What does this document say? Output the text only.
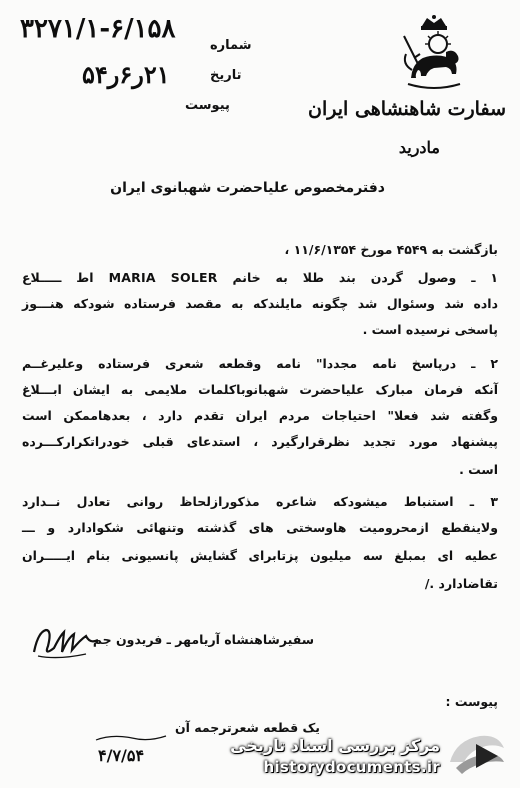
۳۲۷۱/۱-۶/۱۵۸
شماره
۲۱ر۶ر۵۴	تاریخ
پیوست	سفارت شاهنشاهی ایران
مادرید
دفترمخصوص علیاحضرت شهبانوی ایران
بازگشت به ۴۵۴۹ مورخ ۱۱/۶/۱۳۵۴ ،
۱ ـ وصول گردن بند طلا به خانم MARIA SOLER اط ـــــلاع
داده شد وسئوال شد چگونه مایلندکه به مقصد فرستاده شودکه هنـــوز
پاسخی نرسیده است .
۲ ـ درپاسخ نامه مجددا" نامه وقطعه شعری فرستاده وعلیرغــم
آنکه فرمان مبارک علیاحضرت شهبانوباکلمات ملایمی به ایشان ابـــلاغ
وگفته شد فعلا" احتیاجات مردم ایران تقدم دارد ، بعدهاممکن است
پیشنهاد مورد تجدید نظرقرارگیرد ، استدعای قبلی خودراتکرارکـــرده
است .
۳ ـ استنباط میشودکه شاعره مذکورازلحاظ روانی تعادل نــدارد
ولاینقطع ازمحرومیت هاوسختی های گذشته وتنهائی شکوادارد و ـــ
عطیه ای بمبلغ سه میلیون پزتابرای گشایش پانسیونی بنام ایـــــران
تقاضادارد ./
سفیرشاهنشاه آریامهر ـ فریدون جم
پیوست :
یک قطعه شعرترجمه آن
۴/۷/۵۴
مرکز بررسی اسناد تاریخی
historydocuments.ir
